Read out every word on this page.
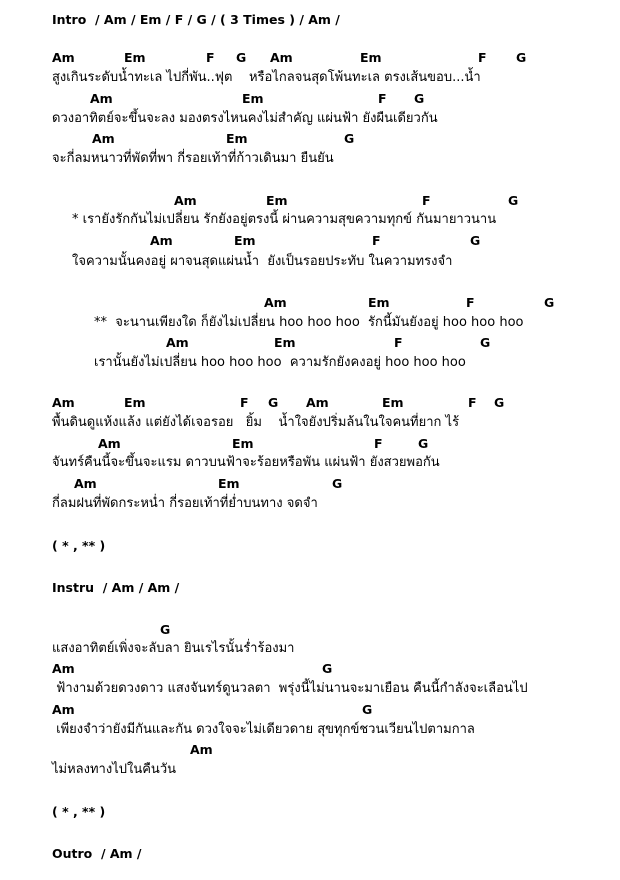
Intro  / Am / Em / F / G / ( 3 Times ) / Am /
Am	Em	F G Am	Em	F G
สูงเกินระดับน้ำทะเล ไปกี่พัน..ฟุต    หรือไกลจนสุดโพ้นทะเล ตรงเส้นขอบ...น้ำ
Am	Em	F G
ดวงอาทิตย์จะขึ้นจะลง มองตรงไหนคงไม่สำคัญ แผ่นฟ้า ยังผืนเดียวกัน
Am	Em	G
จะกี่ลมหนาวที่พัดที่พา กี่รอยเท้าที่ก้าวเดินมา ยืนยัน
Am	Em	F	G
* เรายังรักกันไม่เปลี่ยน รักยังอยู่ตรงนี้ ผ่านความสุขความทุกข์ กันมายาวนาน
Am	Em	F	G
ใจความนั้นคงอยู่ ผาจนสุดแผ่นน้ำ  ยังเป็นรอยประทับ ในความทรงจำ
Am	Em	F	G
**  จะนานเพียงใด ก็ยังไม่เปลี่ยน hoo hoo hoo  รักนี้มันยังอยู่ hoo hoo hoo
Am	Em	F	G
เรานั้นยังไม่เปลี่ยน hoo hoo hoo  ความรักยังคงอยู่ hoo hoo hoo
Am	Em	F G Am	Em	F G
พื้นดินดูแห้งแล้ง แต่ยังได้เจอรอย   ยิ้ม    น้ำใจยังปริ่มล้นในใจคนที่ยาก ไร้
Am	Em	F	G
จันทร์คืนนี้จะขึ้นจะแรม ดาวบนฟ้าจะร้อยหรือพัน แผ่นฟ้า ยังสวยพอกัน
Am	Em	G
กี่ลมฝนที่พัดกระหน่ำ กี่รอยเท้าที่ย่ำบนทาง จดจำ
( * , ** )
Instru  / Am / Am /
G
แสงอาทิตย์เพิ่งจะลับลา ยินเรไรนั้นร่ำร้องมา
Am	G
ฟ้างามด้วยดวงดาว แสงจันทร์ดูนวลตา  พรุ่งนี้ไม่นานจะมาเยือน คืนนี้กำลังจะเลือนไป
Am	G
เพียงจำว่ายังมีกันและกัน ดวงใจจะไม่เดียวดาย สุขทุกข์ชวนเวียนไปตามกาล
Am
ไม่หลงทางไปในคืนวัน
( * , ** )
Outro  / Am /
